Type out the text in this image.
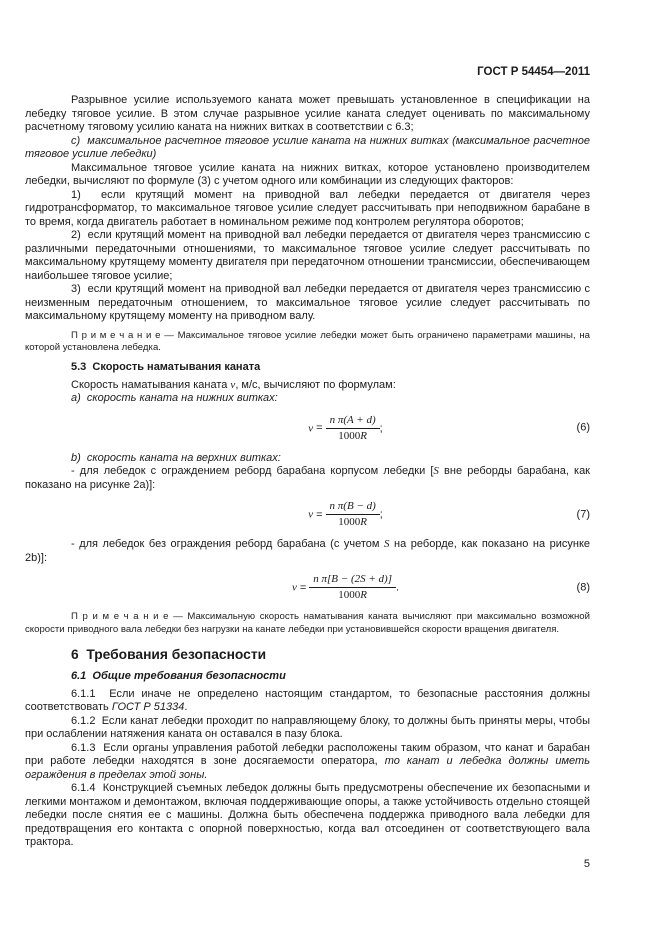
ГОСТ Р 54454—2011

Разрывное усилие используемого каната может превышать установленное в спецификации на лебедку тяговое усилие. В этом случае разрывное усилие каната следует оценивать по максимальному расчетному тяговому усилию каната на нижних витках в соответствии с 6.3;

c)  максимальное расчетное тяговое усилие каната на нижних витках (максимальное расчетное тяговое усилие лебедки)

Максимальное тяговое усилие каната на нижних витках, которое установлено производителем лебедки, вычисляют по формуле (3) с учетом одного или комбинации из следующих факторов:

1)  если крутящий момент на приводной вал лебедки передается от двигателя через гидротрансформатор, то максимальное тяговое усилие следует рассчитывать при неподвижном барабане в то время, когда двигатель работает в номинальном режиме под контролем регулятора оборотов;

2)  если крутящий момент на приводной вал лебедки передается от двигателя через трансмиссию с различными передаточными отношениями, то максимальное тяговое усилие следует рассчитывать по максимальному крутящему моменту двигателя при передаточном отношении трансмиссии, обеспечивающем наибольшее тяговое усилие;

3)  если крутящий момент на приводной вал лебедки передается от двигателя через трансмиссию с неизменным передаточным отношением, то максимальное тяговое усилие следует рассчитывать по максимальному крутящему моменту на приводном валу.

П р и м е ч а н и е — Максимальное тяговое усилие лебедки может быть ограничено параметрами машины, на которой установлена лебедка.

5.3  Скорость наматывания каната

Скорость наматывания каната v, м/с, вычисляют по формулам:

a)  скорость каната на нижних витках:

$v = \frac{\text{n π(A + d)}}{1000R}$ ;	(6)

b)  скорость каната на верхних витках:

- для лебедок с ограждением реборд барабана корпусом лебедки [S вне реборды барабана, как показано на рисунке 2a)]:

$v = \frac{\text{n π(B − d)}}{1000R}$ ;	(7)

- для лебедок без ограждения реборд барабана (с учетом S на реборде, как показано на рисунке 2b)]:

$v = \frac{\text{n π[B − (2S + d)]}}{1000R}$ .	(8)

П р и м е ч а н и е — Максимальную скорость наматывания каната вычисляют при максимально возможной скорости приводного вала лебедки без нагрузки на канате лебедки при установившейся скорости вращения двигателя.

6  Требования безопасности

6.1  Общие требования безопасности

6.1.1  Если иначе не определено настоящим стандартом, то безопасные расстояния должны соответствовать ГОСТ Р 51334.

6.1.2  Если канат лебедки проходит по направляющему блоку, то должны быть приняты меры, чтобы при ослаблении натяжения каната он оставался в пазу блока.

6.1.3  Если органы управления работой лебедки расположены таким образом, что канат и барабан при работе лебедки находятся в зоне досягаемости оператора, то канат и лебедка должны иметь ограждения в пределах этой зоны.

6.1.4  Конструкцией съемных лебедок должны быть предусмотрены обеспечение их безопасными и легкими монтажом и демонтажом, включая поддерживающие опоры, а также устойчивость отдельно стоящей лебедки после снятия ее с машины. Должна быть обеспечена поддержка приводного вала лебедки для предотвращения его контакта с опорной поверхностью, когда вал отсоединен от соответствующего вала трактора.

5
